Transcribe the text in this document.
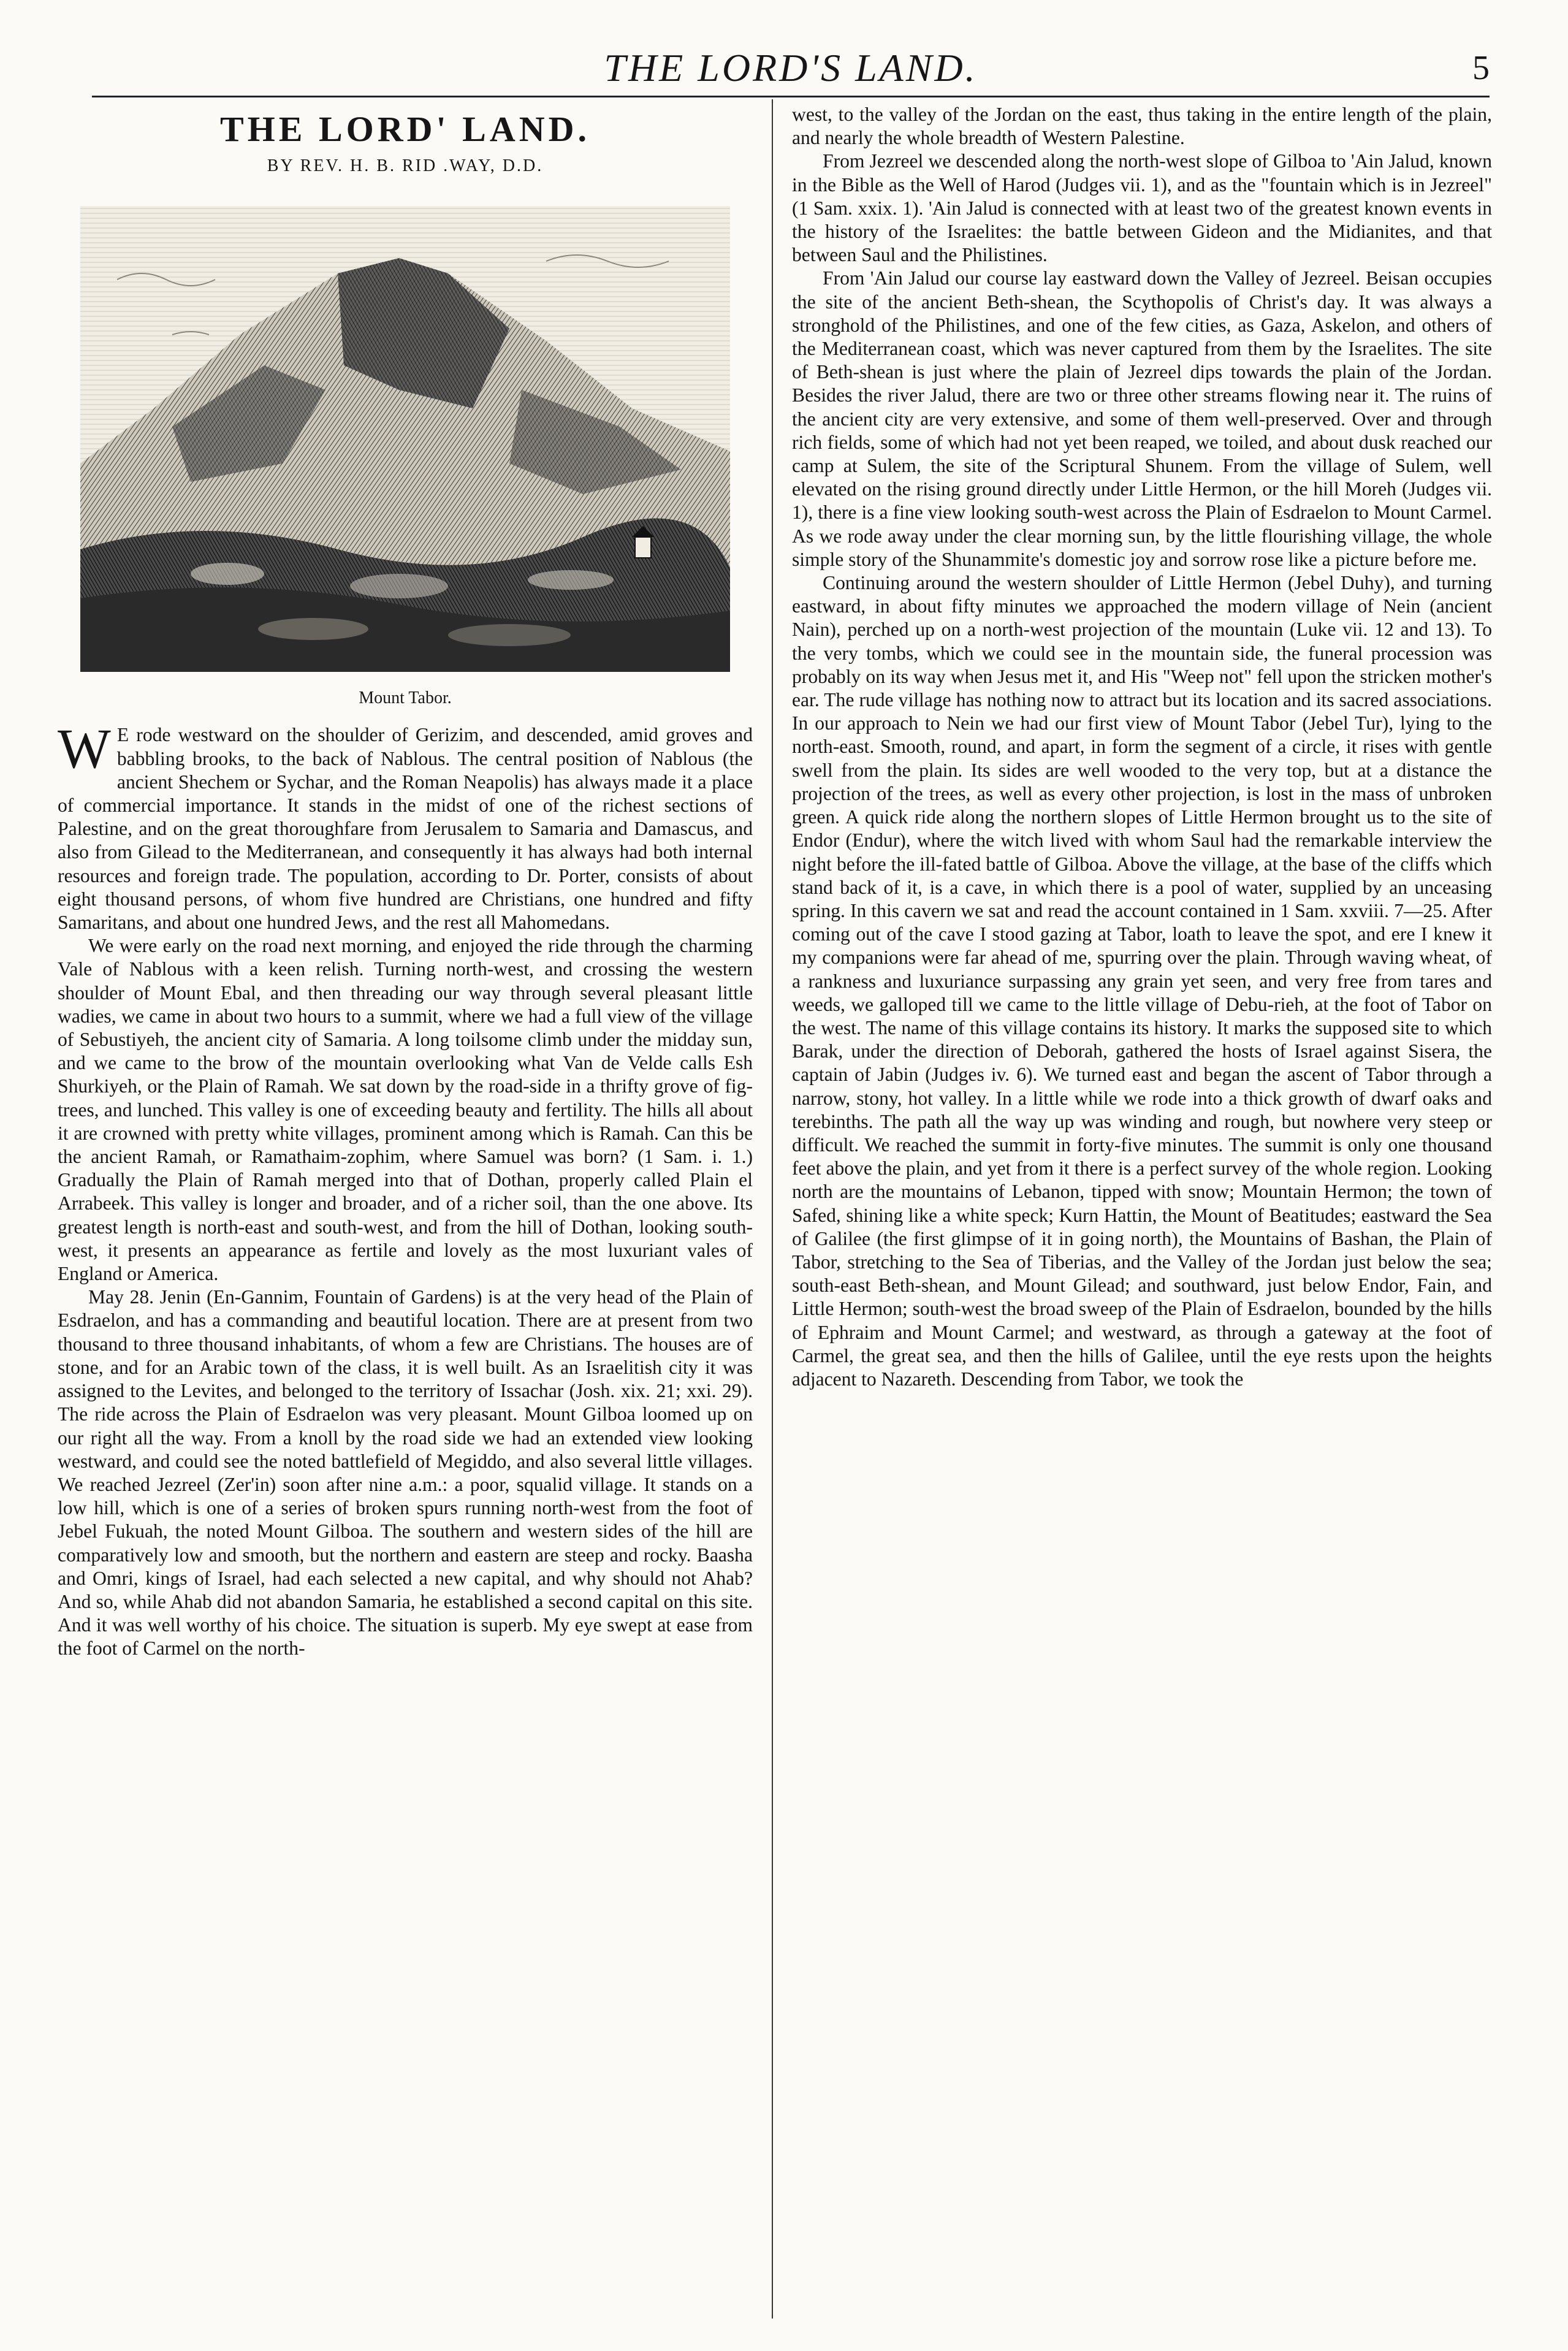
THE LORD'S LAND.	5
THE LORD' LAND.
BY REV. H. B. RID .WAY, D.D.
Mount Tabor.

W E rode westward on the shoulder of Gerizim, and descended, amid groves and babbling brooks, to the back of Nablous. The central position of Nablous (the ancient Shechem or Sychar, and the Roman Neapolis) has always made it a place of commercial importance. It stands in the midst of one of the richest sections of Palestine, and on the great thoroughfare from Jerusalem to Samaria and Damascus, and also from Gilead to the Mediterranean, and consequently it has always had both internal resources and foreign trade. The population, according to Dr. Porter, consists of about eight thousand persons, of whom five hundred are Christians, one hundred and fifty Samaritans, and about one hundred Jews, and the rest all Mahomedans.

We were early on the road next morning, and enjoyed the ride through the charming Vale of Nablous with a keen relish. Turning north-west, and crossing the western shoulder of Mount Ebal, and then threading our way through several pleasant little wadies, we came in about two hours to a summit, where we had a full view of the village of Sebustiyeh, the ancient city of Samaria. A long toilsome climb under the midday sun, and we came to the brow of the mountain overlooking what Van de Velde calls Esh Shurkiyeh, or the Plain of Ramah. We sat down by the road-side in a thrifty grove of fig-trees, and lunched. This valley is one of exceeding beauty and fertility. The hills all about it are crowned with pretty white villages, prominent among which is Ramah. Can this be the ancient Ramah, or Ramathaim-zophim, where Samuel was born? (1 Sam. i. 1.) Gradually the Plain of Ramah merged into that of Dothan, properly called Plain el Arrabeek. This valley is longer and broader, and of a richer soil, than the one above. Its greatest length is north-east and south-west, and from the hill of Dothan, looking south-west, it presents an appearance as fertile and lovely as the most luxuriant vales of England or America.

May 28. Jenin (En-Gannim, Fountain of Gardens) is at the very head of the Plain of Esdraelon, and has a commanding and beautiful location. There are at present from two thousand to three thousand inhabitants, of whom a few are Christians. The houses are of stone, and for an Arabic town of the class, it is well built. As an Israelitish city it was assigned to the Levites, and belonged to the territory of Issachar (Josh. xix. 21; xxi. 29). The ride across the Plain of Esdraelon was very pleasant. Mount Gilboa loomed up on our right all the way. From a knoll by the road side we had an extended view looking westward, and could see the noted battlefield of Megiddo, and also several little villages. We reached Jezreel (Zer'in) soon after nine a.m.: a poor, squalid village. It stands on a low hill, which is one of a series of broken spurs running north-west from the foot of Jebel Fukuah, the noted Mount Gilboa. The southern and western sides of the hill are comparatively low and smooth, but the northern and eastern are steep and rocky. Baasha and Omri, kings of Israel, had each selected a new capital, and why should not Ahab? And so, while Ahab did not abandon Samaria, he established a second capital on this site. And it was well worthy of his choice. The situation is superb. My eye swept at ease from the foot of Carmel on the north-

west, to the valley of the Jordan on the east, thus taking in the entire length of the plain, and nearly the whole breadth of Western Palestine.

From Jezreel we descended along the north-west slope of Gilboa to 'Ain Jalud, known in the Bible as the Well of Harod (Judges vii. 1), and as the "fountain which is in Jezreel" (1 Sam. xxix. 1). 'Ain Jalud is connected with at least two of the greatest known events in the history of the Israelites: the battle between Gideon and the Midianites, and that between Saul and the Philistines.

From 'Ain Jalud our course lay eastward down the Valley of Jezreel. Beisan occupies the site of the ancient Beth-shean, the Scythopolis of Christ's day. It was always a stronghold of the Philistines, and one of the few cities, as Gaza, Askelon, and others of the Mediterranean coast, which was never captured from them by the Israelites. The site of Beth-shean is just where the plain of Jezreel dips towards the plain of the Jordan. Besides the river Jalud, there are two or three other streams flowing near it. The ruins of the ancient city are very extensive, and some of them well-preserved. Over and through rich fields, some of which had not yet been reaped, we toiled, and about dusk reached our camp at Sulem, the site of the Scriptural Shunem. From the village of Sulem, well elevated on the rising ground directly under Little Hermon, or the hill Moreh (Judges vii. 1), there is a fine view looking south-west across the Plain of Esdraelon to Mount Carmel. As we rode away under the clear morning sun, by the little flourishing village, the whole simple story of the Shunammite's domestic joy and sorrow rose like a picture before me.

Continuing around the western shoulder of Little Hermon (Jebel Duhy), and turning eastward, in about fifty minutes we approached the modern village of Nein (ancient Nain), perched up on a north-west projection of the mountain (Luke vii. 12 and 13). To the very tombs, which we could see in the mountain side, the funeral procession was probably on its way when Jesus met it, and His "Weep not" fell upon the stricken mother's ear. The rude village has nothing now to attract but its location and its sacred associations. In our approach to Nein we had our first view of Mount Tabor (Jebel Tur), lying to the north-east. Smooth, round, and apart, in form the segment of a circle, it rises with gentle swell from the plain. Its sides are well wooded to the very top, but at a distance the projection of the trees, as well as every other projection, is lost in the mass of unbroken green. A quick ride along the northern slopes of Little Hermon brought us to the site of Endor (Endur), where the witch lived with whom Saul had the remarkable interview the night before the ill-fated battle of Gilboa. Above the village, at the base of the cliffs which stand back of it, is a cave, in which there is a pool of water, supplied by an unceasing spring. In this cavern we sat and read the account contained in 1 Sam. xxviii. 7—25. After coming out of the cave I stood gazing at Tabor, loath to leave the spot, and ere I knew it my companions were far ahead of me, spurring over the plain. Through waving wheat, of a rankness and luxuriance surpassing any grain yet seen, and very free from tares and weeds, we galloped till we came to the little village of Debu-rieh, at the foot of Tabor on the west. The name of this village contains its history. It marks the supposed site to which Barak, under the direction of Deborah, gathered the hosts of Israel against Sisera, the captain of Jabin (Judges iv. 6). We turned east and began the ascent of Tabor through a narrow, stony, hot valley. In a little while we rode into a thick growth of dwarf oaks and terebinths. The path all the way up was winding and rough, but nowhere very steep or difficult. We reached the summit in forty-five minutes. The summit is only one thousand feet above the plain, and yet from it there is a perfect survey of the whole region. Looking north are the mountains of Lebanon, tipped with snow; Mountain Hermon; the town of Safed, shining like a white speck; Kurn Hattin, the Mount of Beatitudes; eastward the Sea of Galilee (the first glimpse of it in going north), the Mountains of Bashan, the Plain of Tabor, stretching to the Sea of Tiberias, and the Valley of the Jordan just below the sea; south-east Beth-shean, and Mount Gilead; and southward, just below Endor, Fain, and Little Hermon; south-west the broad sweep of the Plain of Esdraelon, bounded by the hills of Ephraim and Mount Carmel; and westward, as through a gateway at the foot of Carmel, the great sea, and then the hills of Galilee, until the eye rests upon the heights adjacent to Nazareth. Descending from Tabor, we took the
